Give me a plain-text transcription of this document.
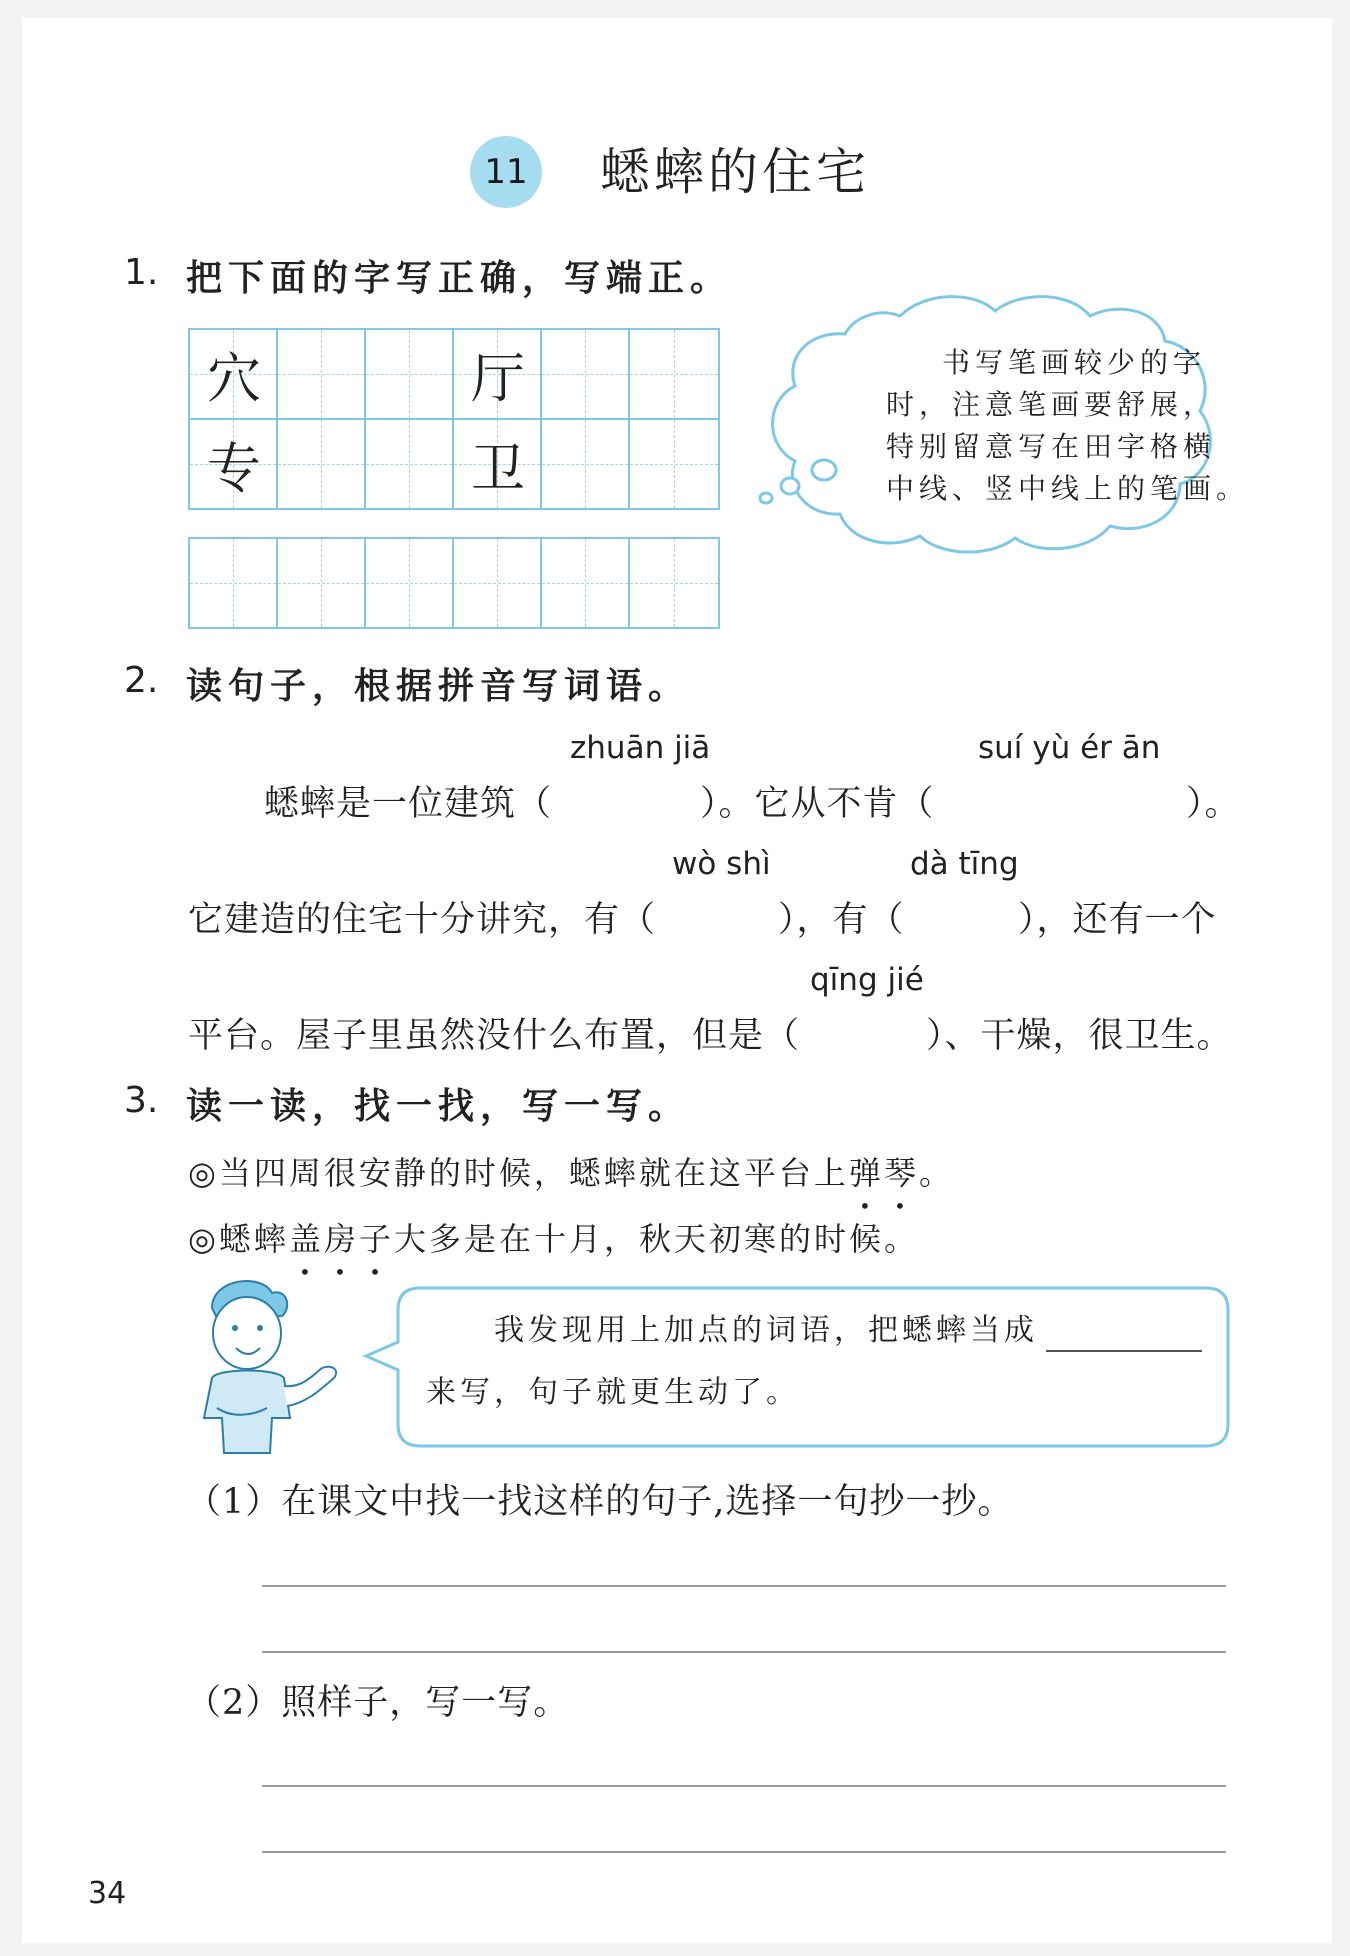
11 蟋蟀的住宅
1. 把下面的字写正确，写端正。
穴	厅
专	卫
书写笔画较少的字
时，注意笔画要舒展，
特别留意写在田字格横
中线、竖中线上的笔画。
2. 读句子，根据拼音写词语。
zhuān jiā	suí yù ér ān
蟋蟀是一位建筑（	）。它从不肯（	）。
wò shì	dà tīng
它建造的住宅十分讲究，有（	），有（	），还有一个
qīng jié
平台。屋子里虽然没什么布置，但是（	）、干燥，很卫生。
3. 读一读，找一找，写一写。
◎当四周很安静的时候，蟋蟀就在这平台上弹琴。
◎蟋蟀盖房子大多是在十月，秋天初寒的时候。
我发现用上加点的词语，把蟋蟀当成
来写，句子就更生动了。
（1）在课文中找一找这样的句子,选择一句抄一抄。
（2）照样子，写一写。
34
